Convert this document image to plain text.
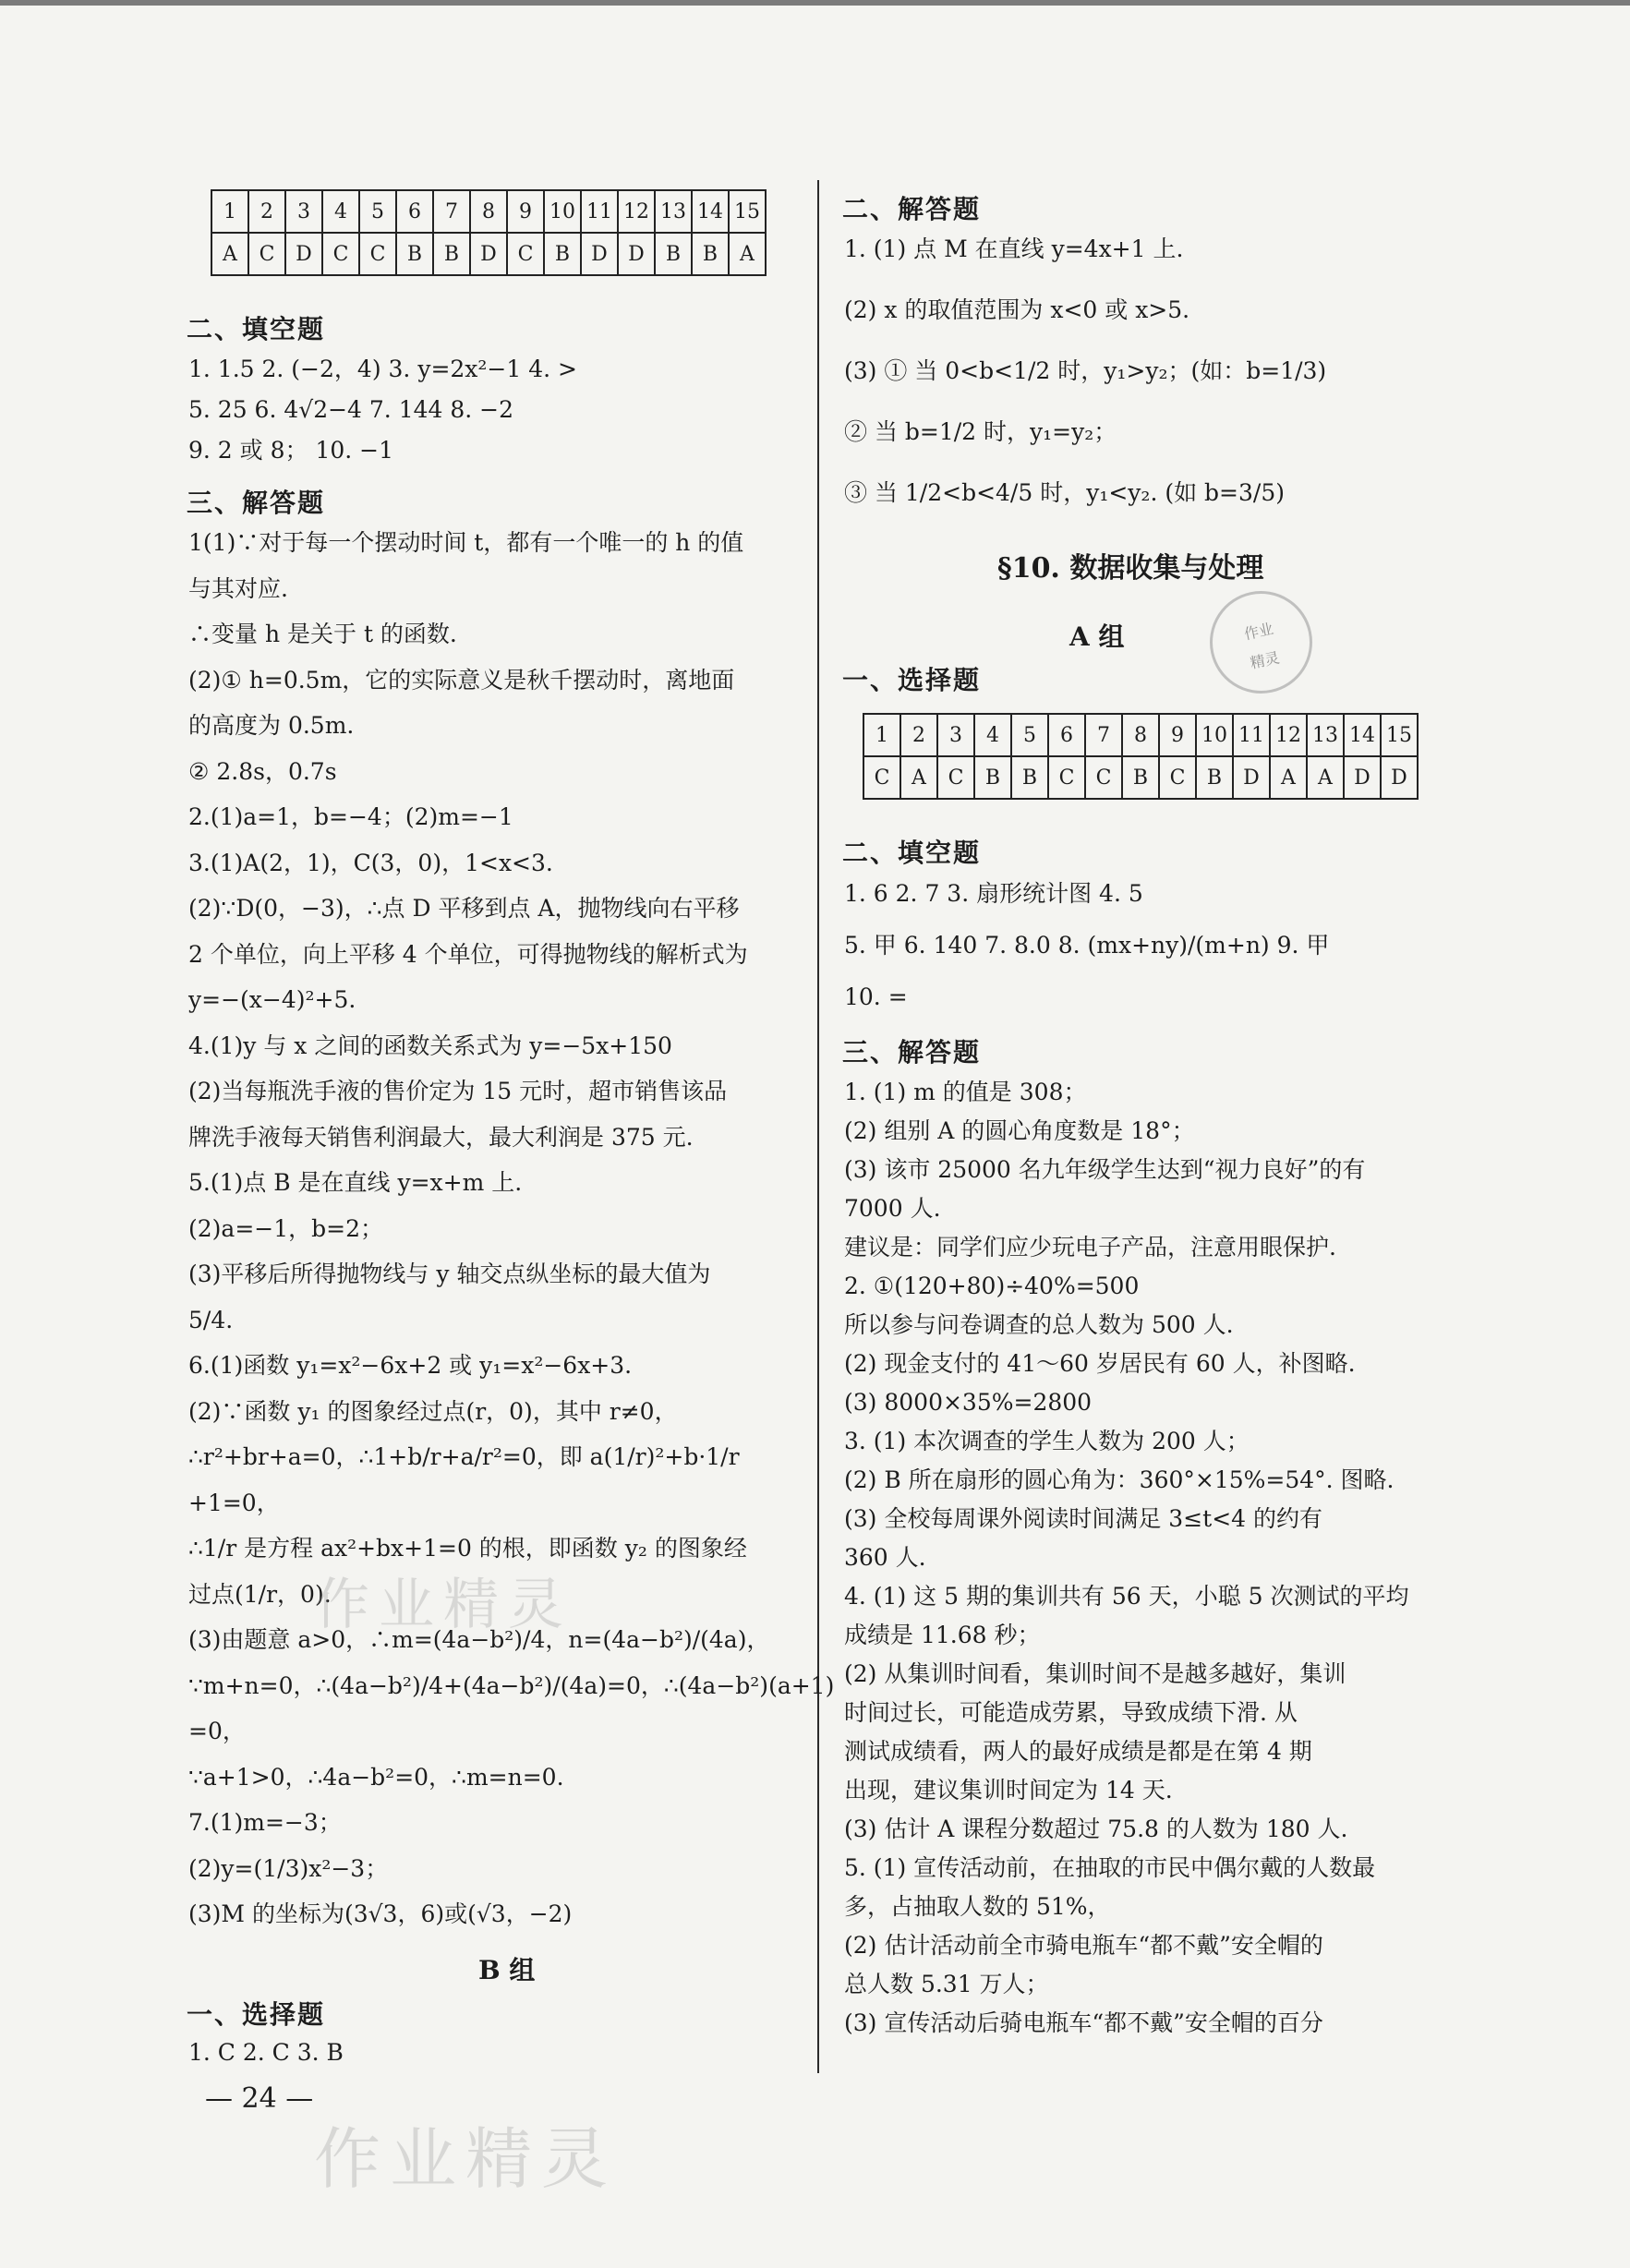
1	2	3	4	5	6	7	8	9	10	11	12	13	14	15
A	C	D	C	C	B	B	D	C	B	D	D	B	B	A
二、填空题
1. 1.5 2. (−2，4) 3. y=2x²−1 4. >
5. 25 6. 4√2−4 7. 144 8. −2
9. 2 或 8； 10. −1
三、解答题
1(1)∵对于每一个摆动时间 t，都有一个唯一的 h 的值
与其对应.
∴变量 h 是关于 t 的函数.
(2)① h=0.5m，它的实际意义是秋千摆动时，离地面
的高度为 0.5m.
② 2.8s，0.7s
2.(1)a=1，b=−4；(2)m=−1
3.(1)A(2，1)，C(3，0)，1<x<3.
(2)∵D(0，−3)，∴点 D 平移到点 A，抛物线向右平移
2 个单位，向上平移 4 个单位，可得抛物线的解析式为
y=−(x−4)²+5.
4.(1)y 与 x 之间的函数关系式为 y=−5x+150
(2)当每瓶洗手液的售价定为 15 元时，超市销售该品
牌洗手液每天销售利润最大，最大利润是 375 元.
5.(1)点 B 是在直线 y=x+m 上.
(2)a=−1，b=2；
(3)平移后所得抛物线与 y 轴交点纵坐标的最大值为
5/4.
6.(1)函数 y₁=x²−6x+2 或 y₁=x²−6x+3.
(2)∵函数 y₁ 的图象经过点(r，0)，其中 r≠0，
∴r²+br+a=0，∴1+b/r+a/r²=0，即 a(1/r)²+b·1/r
+1=0，
∴1/r 是方程 ax²+bx+1=0 的根，即函数 y₂ 的图象经
过点(1/r，0).
(3)由题意 a>0，∴m=(4a−b²)/4，n=(4a−b²)/(4a)，
∵m+n=0，∴(4a−b²)/4+(4a−b²)/(4a)=0，∴(4a−b²)(a+1)
=0，
∵a+1>0，∴4a−b²=0，∴m=n=0.
7.(1)m=−3；
(2)y=(1/3)x²−3；
(3)M 的坐标为(3√3，6)或(√3，−2)
B 组
一、选择题
1. C 2. C 3. B
二、解答题
1. (1) 点 M 在直线 y=4x+1 上.
(2) x 的取值范围为 x<0 或 x>5.
(3) ① 当 0<b<1/2 时，y₁>y₂；(如：b=1/3)
② 当 b=1/2 时，y₁=y₂；
③ 当 1/2<b<4/5 时，y₁<y₂. (如 b=3/5)
§10. 数据收集与处理
A 组
一、选择题
1	2	3	4	5	6	7	8	9	10	11	12	13	14	15
C	A	C	B	B	C	C	B	C	B	D	A	A	D	D
二、填空题
1. 6 2. 7 3. 扇形统计图 4. 5
5. 甲 6. 140 7. 8.0 8. (mx+ny)/(m+n) 9. 甲
10. =
三、解答题
1. (1) m 的值是 308；
(2) 组别 A 的圆心角度数是 18°；
(3) 该市 25000 名九年级学生达到“视力良好”的有
7000 人.
建议是：同学们应少玩电子产品，注意用眼保护.
2. ①(120+80)÷40%=500
所以参与问卷调查的总人数为 500 人.
(2) 现金支付的 41～60 岁居民有 60 人，补图略.
(3) 8000×35%=2800
3. (1) 本次调查的学生人数为 200 人；
(2) B 所在扇形的圆心角为：360°×15%=54°. 图略.
(3) 全校每周课外阅读时间满足 3≤t<4 的约有
360 人.
4. (1) 这 5 期的集训共有 56 天，小聪 5 次测试的平均
成绩是 11.68 秒；
(2) 从集训时间看，集训时间不是越多越好，集训
时间过长，可能造成劳累，导致成绩下滑. 从
测试成绩看，两人的最好成绩是都是在第 4 期
出现，建议集训时间定为 14 天.
(3) 估计 A 课程分数超过 75.8 的人数为 180 人.
5. (1) 宣传活动前，在抽取的市民中偶尔戴的人数最
多，占抽取人数的 51%，
(2) 估计活动前全市骑电瓶车“都不戴”安全帽的
总人数 5.31 万人；
(3) 宣传活动后骑电瓶车“都不戴”安全帽的百分
作业
精灵
— 24 —
作业精灵
作业精灵
